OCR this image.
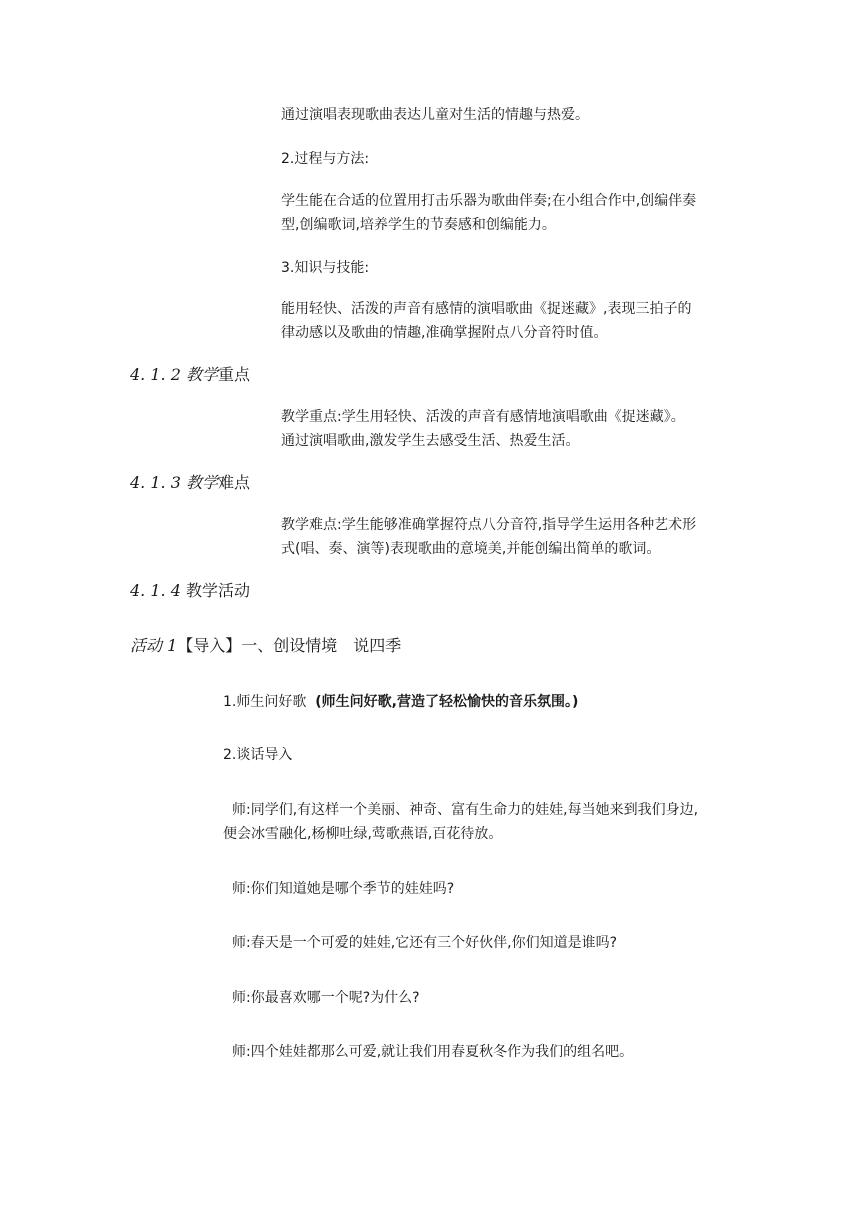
通过演唱表现歌曲表达儿童对生活的情趣与热爱。

2.过程与方法:

学生能在合适的位置用打击乐器为歌曲伴奏;在小组合作中,创编伴奏

型,创编歌词,培养学生的节奏感和创编能力。

3.知识与技能:

能用轻快、活泼的声音有感情的演唱歌曲《捉迷藏》,表现三拍子的

律动感以及歌曲的情趣,准确掌握附点八分音符时值。

4. 1. 2 教学重点

教学重点:学生用轻快、活泼的声音有感情地演唱歌曲《捉迷藏》。

通过演唱歌曲,激发学生去感受生活、热爱生活。

4. 1. 3 教学难点

教学难点:学生能够准确掌握符点八分音符,指导学生运用各种艺术形

式(唱、奏、演等)表现歌曲的意境美,并能创编出简单的歌词。

4. 1. 4 教学活动

活动 1【导入】一、创设情境　说四季

1.师生问好歌 (师生问好歌,营造了轻松愉快的音乐氛围。)

2.谈话导入

师:同学们,有这样一个美丽、神奇、富有生命力的娃娃,每当她来到我们身边,

便会冰雪融化,杨柳吐绿,莺歌燕语,百花待放。

师:你们知道她是哪个季节的娃娃吗?

师:春天是一个可爱的娃娃,它还有三个好伙伴,你们知道是谁吗?

师:你最喜欢哪一个呢?为什么?

师:四个娃娃都那么可爱,就让我们用春夏秋冬作为我们的组名吧。
